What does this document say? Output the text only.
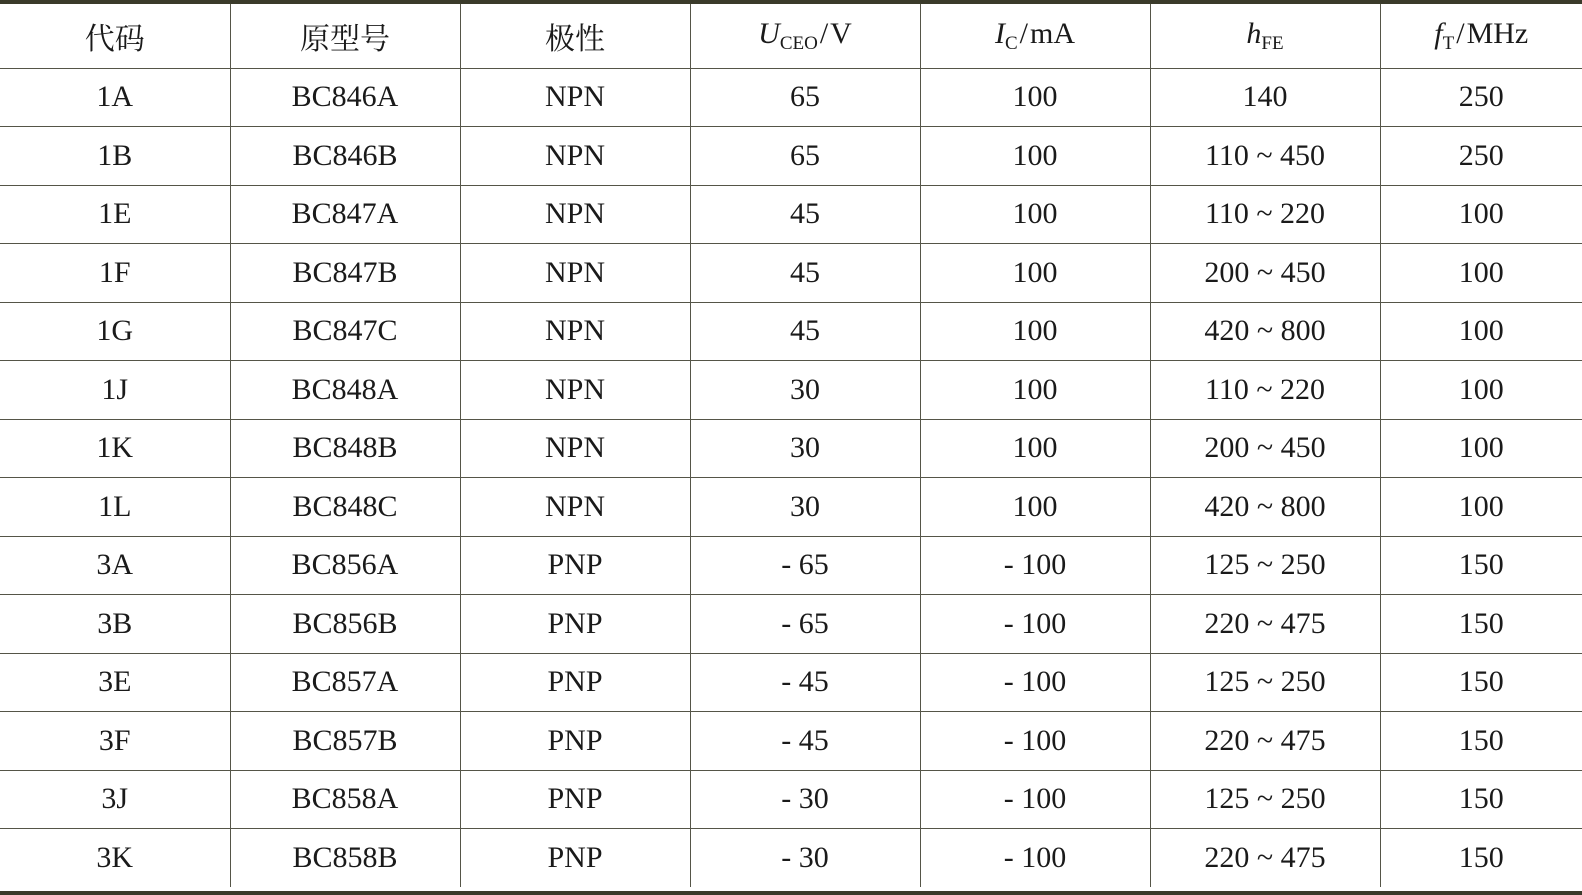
代码	原型号	极性	$U_{CEO}/V$	$I_C/mA$	$h_{FE}$	$f_T$/MHz
1A	BC846A	NPN	65	100	140	250
1B	BC846B	NPN	65	100	110 ~ 450	250
1E	BC847A	NPN	45	100	110 ~ 220	100
1F	BC847B	NPN	45	100	200 ~ 450	100
1G	BC847C	NPN	45	100	420 ~ 800	100
1J	BC848A	NPN	30	100	110 ~ 220	100
1K	BC848B	NPN	30	100	200 ~ 450	100
1L	BC848C	NPN	30	100	420 ~ 800	100
3A	BC856A	PNP	- 65	- 100	125 ~ 250	150
3B	BC856B	PNP	- 65	- 100	220 ~ 475	150
3E	BC857A	PNP	- 45	- 100	125 ~ 250	150
3F	BC857B	PNP	- 45	- 100	220 ~ 475	150
3J	BC858A	PNP	- 30	- 100	125 ~ 250	150
3K	BC858B	PNP	- 30	- 100	220 ~ 475	150
